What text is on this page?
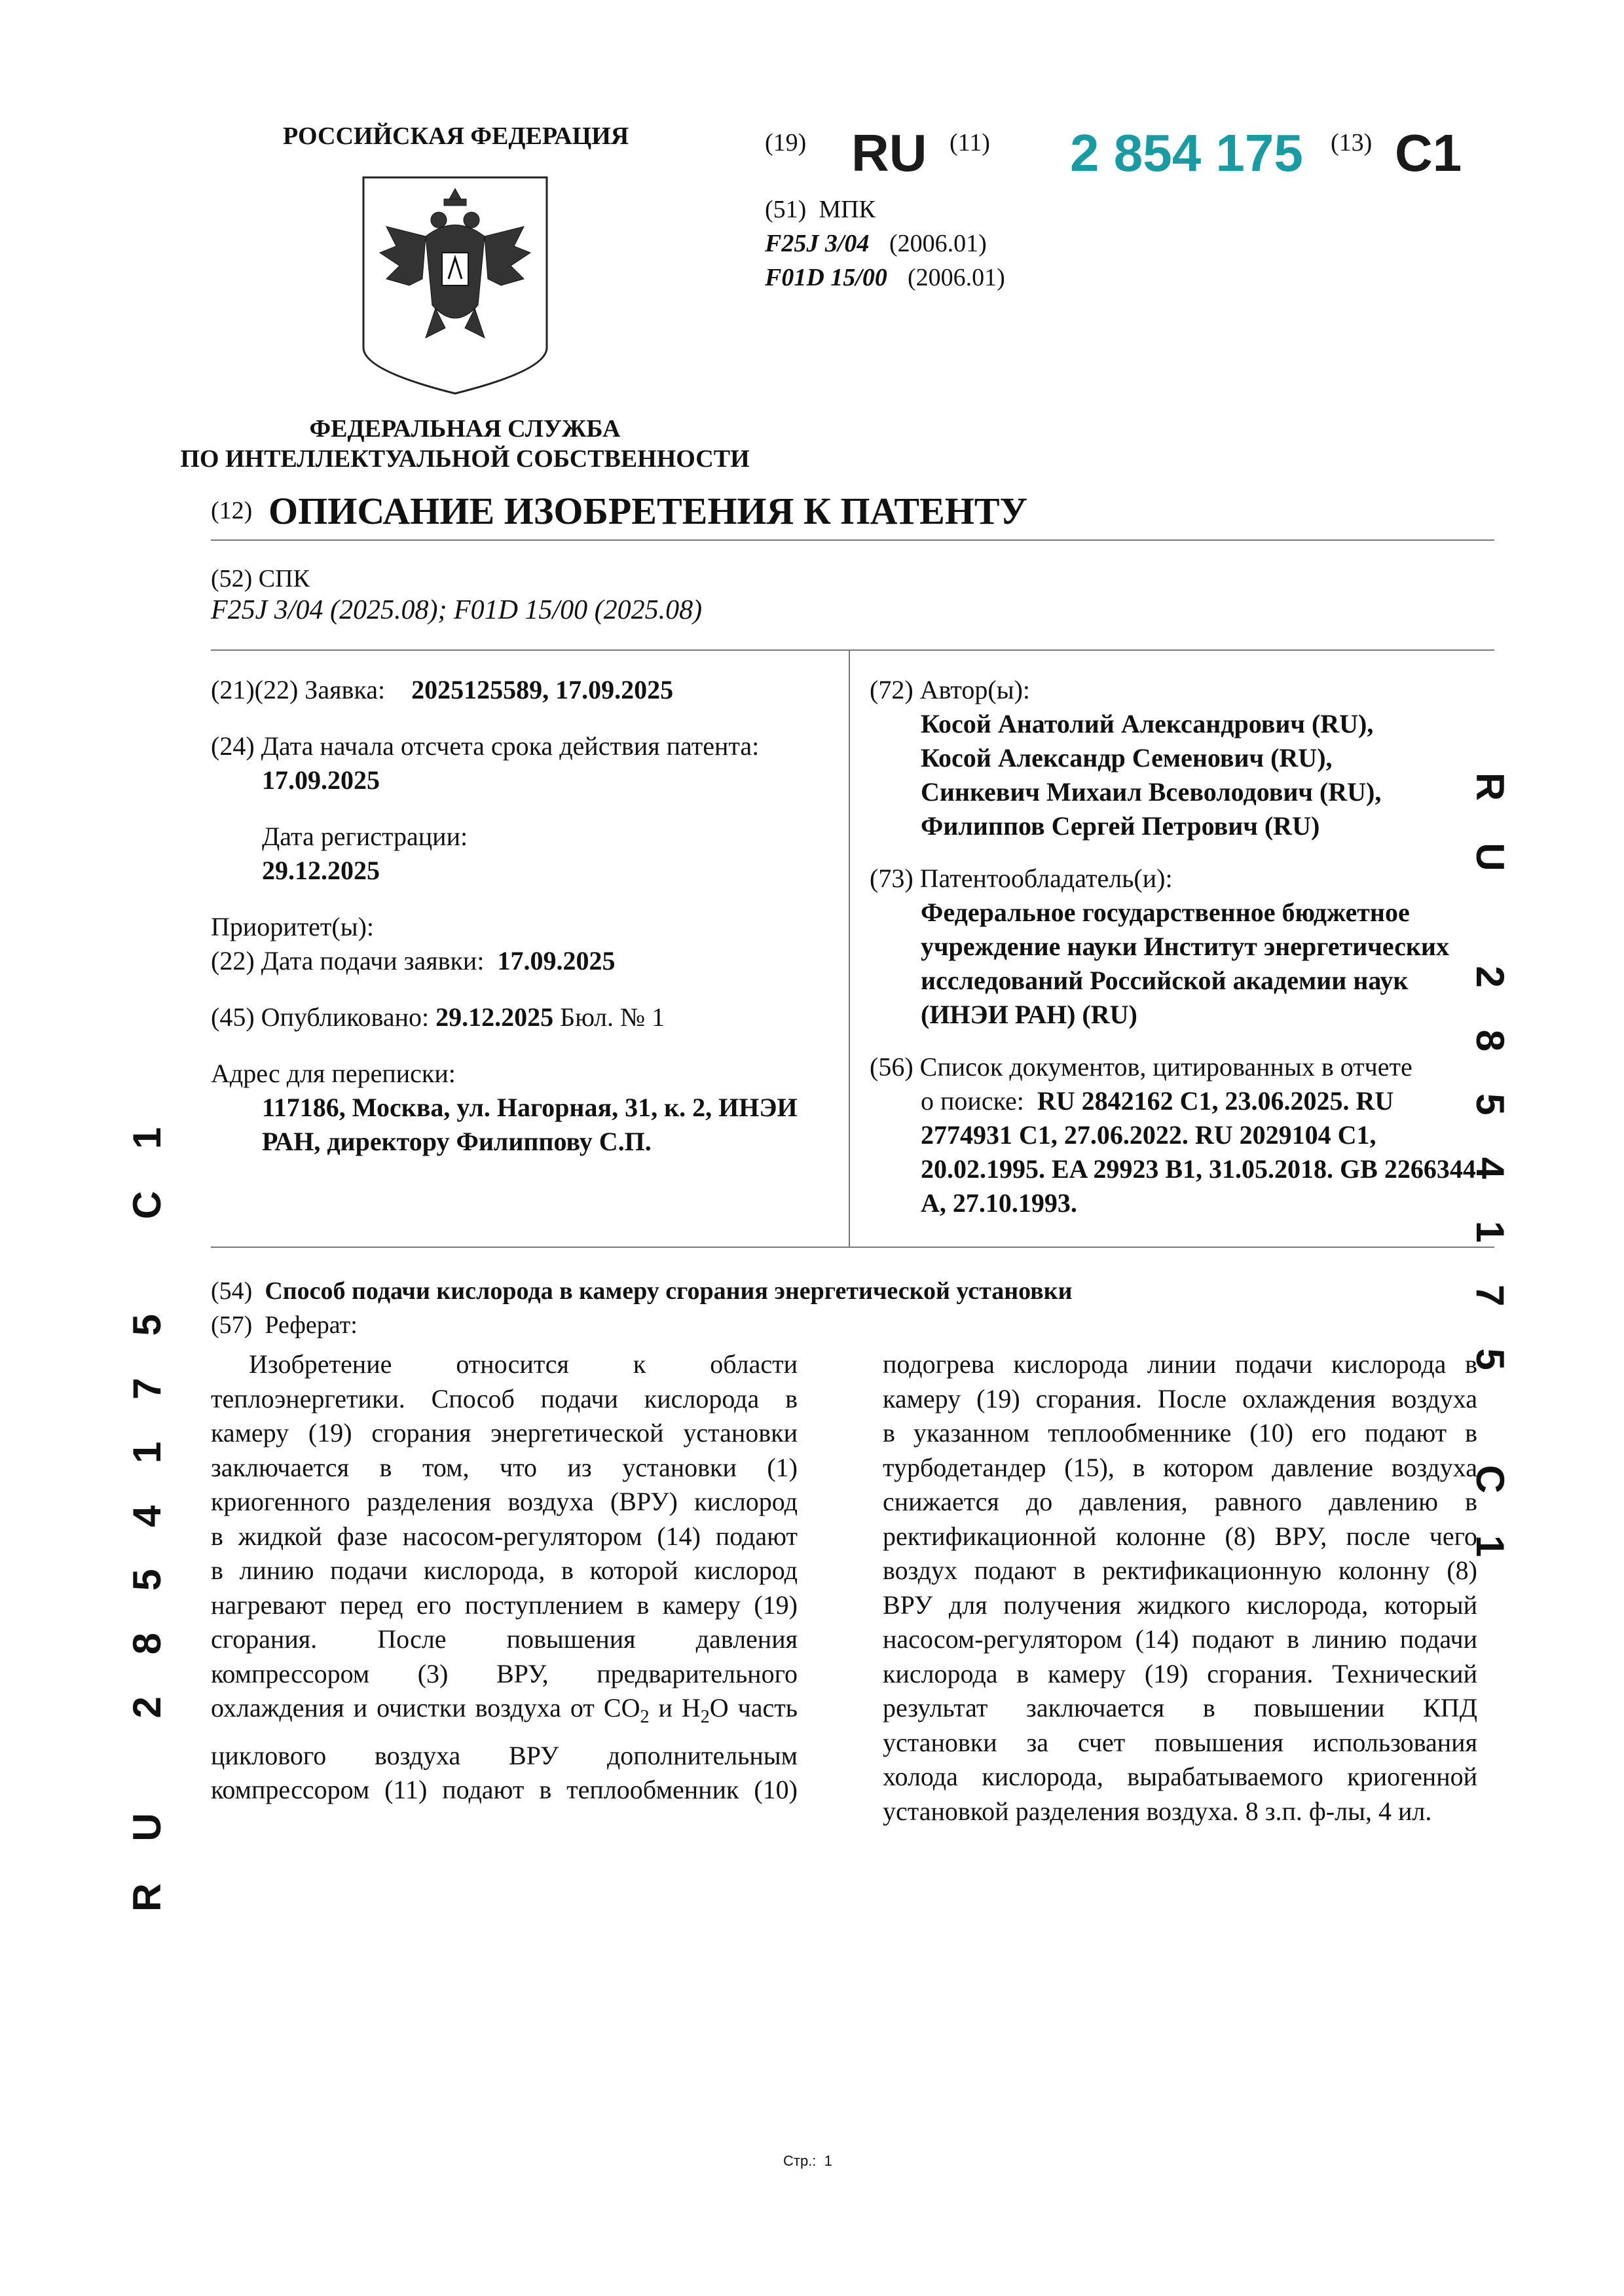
РОССИЙСКАЯ ФЕДЕРАЦИЯ
ФЕДЕРАЛЬНАЯ СЛУЖБА
ПО ИНТЕЛЛЕКТУАЛЬНОЙ СОБСТВЕННОСТИ
(19) RU (11) 2 854 175 (13) C1
(51) МПК
F25J 3/04 (2006.01)
F01D 15/00 (2006.01)
(12) ОПИСАНИЕ ИЗОБРЕТЕНИЯ К ПАТЕНТУ
(52) СПК
F25J 3/04 (2025.08); F01D 15/00 (2025.08)
(21)(22) Заявка: 2025125589, 17.09.2025
(24) Дата начала отсчета срока действия патента:
17.09.2025
Дата регистрации:
29.12.2025
Приоритет(ы):
(22) Дата подачи заявки: 17.09.2025
(45) Опубликовано: 29.12.2025 Бюл. № 1
Адрес для переписки:
117186, Москва, ул. Нагорная, 31, к. 2, ИНЭИ
РАН, директору Филиппову С.П.
(72) Автор(ы):
Косой Анатолий Александрович (RU),
Косой Александр Семенович (RU),
Синкевич Михаил Всеволодович (RU),
Филиппов Сергей Петрович (RU)
(73) Патентообладатель(и):
Федеральное государственное бюджетное
учреждение науки Институт энергетических
исследований Российской академии наук
(ИНЭИ РАН) (RU)
(56) Список документов, цитированных в отчете
о поиске: RU 2842162 C1, 23.06.2025. RU
2774931 C1, 27.06.2022. RU 2029104 C1,
20.02.1995. EA 29923 B1, 31.05.2018. GB 2266344
A, 27.10.1993.
(54) Способ подачи кислорода в камеру сгорания энергетической установки
(57) Реферат:
Изобретение относится к области
теплоэнергетики. Способ подачи кислорода в
камеру (19) сгорания энергетической установки
заключается в том, что из установки (1)
криогенного разделения воздуха (ВРУ) кислород
в жидкой фазе насосом-регулятором (14) подают
в линию подачи кислорода, в которой кислород
нагревают перед его поступлением в камеру (19)
сгорания. После повышения давления
компрессором (3) ВРУ, предварительного
охлаждения и очистки воздуха от $CO_2$ и $H_2O$ часть
циклового воздуха ВРУ дополнительным
компрессором (11) подают в теплообменник (10)
подогрева кислорода линии подачи кислорода в
камеру (19) сгорания. После охлаждения воздуха
в указанном теплообменнике (10) его подают в
турбодетандер (15), в котором давление воздуха
снижается до давления, равного давлению в
ректификационной колонне (8) ВРУ, после чего
воздух подают в ректификационную колонну (8)
ВРУ для получения жидкого кислорода, который
насосом-регулятором (14) подают в линию подачи
кислорода в камеру (19) сгорания. Технический
результат заключается в повышении КПД
установки за счет повышения использования
холода кислорода, вырабатываемого криогенной
установкой разделения воздуха. 8 з.п. ф-лы, 4 ил.
RU 2854175 C1	RU 2854175 C1
Стр.: 1
